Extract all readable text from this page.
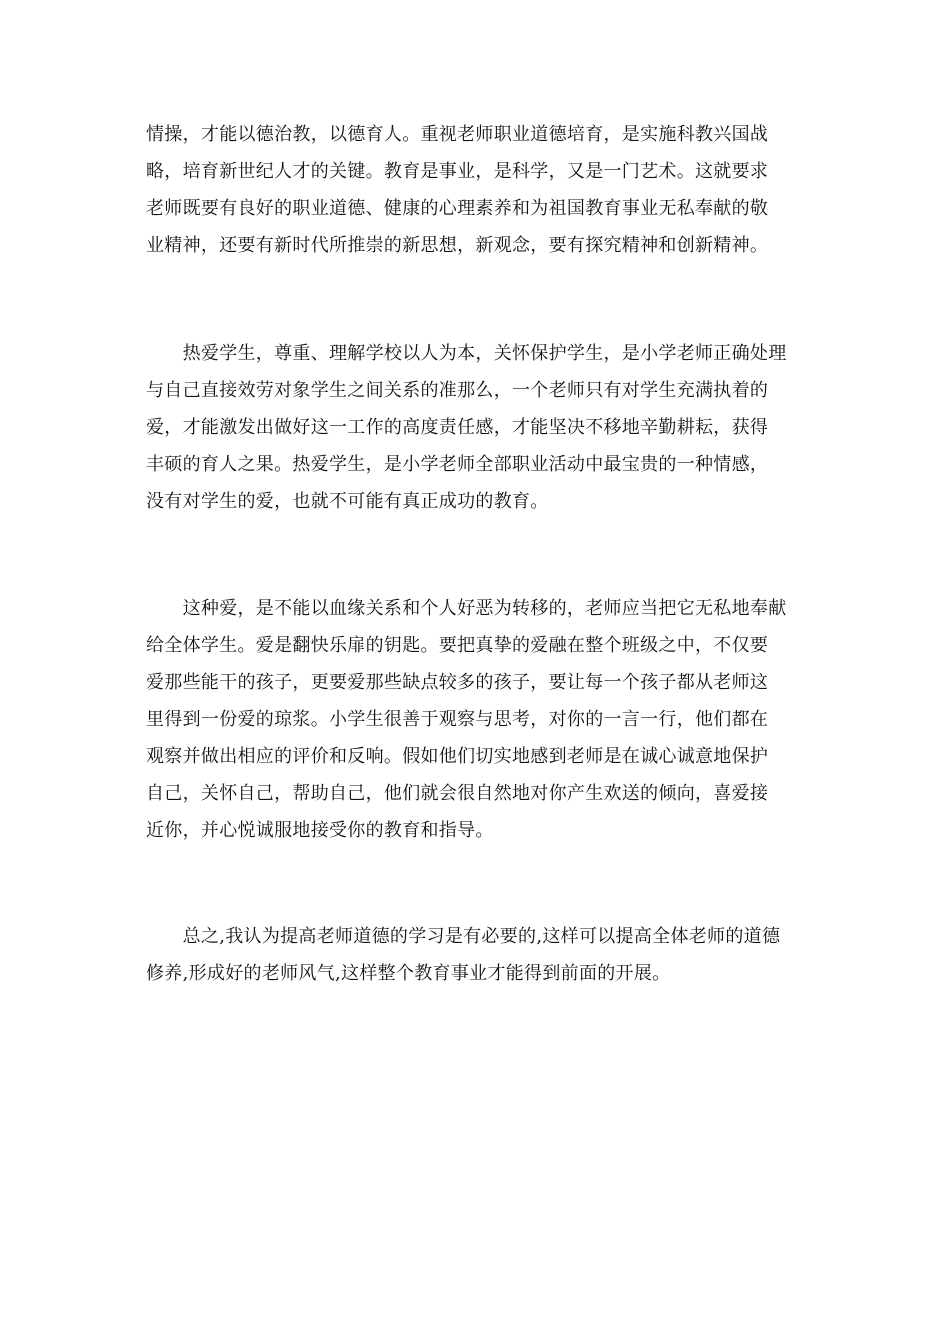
情操，才能以德治教，以德育人。重视老师职业道德培育，是实施科教兴国战
略，培育新世纪人才的关键。教育是事业，是科学，又是一门艺术。这就要求
老师既要有良好的职业道德、健康的心理素养和为祖国教育事业无私奉献的敬
业精神，还要有新时代所推崇的新思想，新观念，要有探究精神和创新精神。
　　热爱学生，尊重、理解学校以人为本，关怀保护学生，是小学老师正确处理
与自己直接效劳对象学生之间关系的准那么，一个老师只有对学生充满执着的
爱，才能激发出做好这一工作的高度责任感，才能坚决不移地辛勤耕耘，获得
丰硕的育人之果。热爱学生，是小学老师全部职业活动中最宝贵的一种情感，
没有对学生的爱，也就不可能有真正成功的教育。
　　这种爱，是不能以血缘关系和个人好恶为转移的，老师应当把它无私地奉献
给全体学生。爱是翻快乐扉的钥匙。要把真挚的爱融在整个班级之中，不仅要
爱那些能干的孩子，更要爱那些缺点较多的孩子，要让每一个孩子都从老师这
里得到一份爱的琼浆。小学生很善于观察与思考，对你的一言一行，他们都在
观察并做出相应的评价和反响。假如他们切实地感到老师是在诚心诚意地保护
自己，关怀自己，帮助自己，他们就会很自然地对你产生欢送的倾向，喜爱接
近你，并心悦诚服地接受你的教育和指导。
　　总之,我认为提高老师道德的学习是有必要的,这样可以提高全体老师的道德
修养,形成好的老师风气,这样整个教育事业才能得到前面的开展。
